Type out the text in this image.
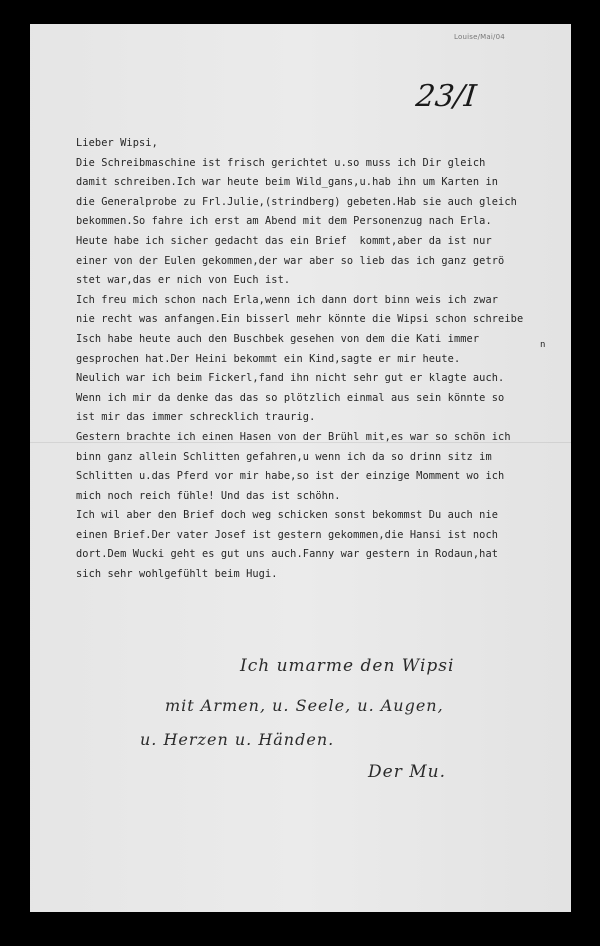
Louise/Mai/04
23/I
Lieber Wipsi,
Die Schreibmaschine ist frisch gerichtet u.so muss ich Dir gleich
damit schreiben.Ich war heute beim Wild_gans,u.hab ihn um Karten in
die Generalprobe zu Frl.Julie,(strindberg) gebeten.Hab sie auch gleich
bekommen.So fahre ich erst am Abend mit dem Personenzug nach Erla.
Heute habe ich sicher gedacht das ein Brief  kommt,aber da ist nur
einer von der Eulen gekommen,der war aber so lieb das ich ganz getrö
stet war,das er nich von Euch ist.
Ich freu mich schon nach Erla,wenn ich dann dort binn weis ich zwar
nie recht was anfangen.Ein bisserl mehr könnte die Wipsi schon schreibe
Isch habe heute auch den Buschbek gesehen von dem die Kati immer
gesprochen hat.Der Heini bekommt ein Kind,sagte er mir heute.
Neulich war ich beim Fickerl,fand ihn nicht sehr gut er klagte auch.
Wenn ich mir da denke das das so plötzlich einmal aus sein könnte so
ist mir das immer schrecklich traurig.
Gestern brachte ich einen Hasen von der Brühl mit,es war so schön ich
binn ganz allein Schlitten gefahren,u wenn ich da so drinn sitz im
Schlitten u.das Pferd vor mir habe,so ist der einzige Momment wo ich
mich noch reich fühle! Und das ist schöhn.
Ich wil aber den Brief doch weg schicken sonst bekommst Du auch nie
einen Brief.Der vater Josef ist gestern gekommen,die Hansi ist noch
dort.Dem Wucki geht es gut uns auch.Fanny war gestern in Rodaun,hat
sich sehr wohlgefühlt beim Hugi.
n
Ich umarme den Wipsi
mit Armen, u. Seele, u. Augen,
u. Herzen u. Händen.
Der Mu.
